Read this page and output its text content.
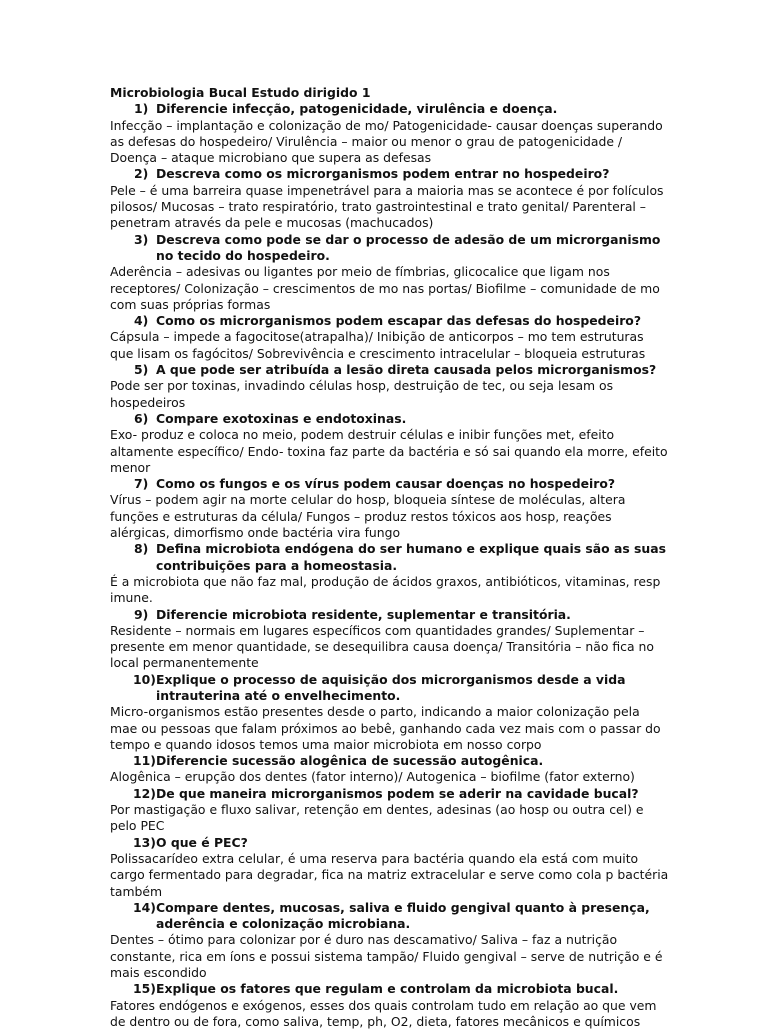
Microbiologia Bucal Estudo dirigido 1

1) Diferencie infecção, patogenicidade, virulência e doença.

Infecção – implantação e colonização de mo/ Patogenicidade- causar doenças superando as defesas do hospedeiro/ Virulência – maior ou menor o grau de patogenicidade / Doença – ataque microbiano que supera as defesas

2) Descreva como os microrganismos podem entrar no hospedeiro?

Pele – é uma barreira quase impenetrável para a maioria mas se acontece é por folículos pilosos/ Mucosas – trato respiratório, trato gastrointestinal e trato genital/ Parenteral – penetram através da pele e mucosas (machucados)

3) Descreva como pode se dar o processo de adesão de um microrganismo no tecido do hospedeiro.

Aderência – adesivas ou ligantes por meio de fímbrias, glicocalice que ligam nos receptores/ Colonização – crescimentos de mo nas portas/ Biofilme – comunidade de mo com suas próprias formas

4) Como os microrganismos podem escapar das defesas do hospedeiro?

Cápsula – impede a fagocitose(atrapalha)/ Inibição de anticorpos – mo tem estruturas que lisam os fagócitos/ Sobrevivência e crescimento intracelular – bloqueia estruturas

5) A que pode ser atribuída a lesão direta causada pelos microrganismos?

Pode ser por toxinas, invadindo células hosp, destruição de tec, ou seja lesam os hospedeiros

6) Compare exotoxinas e endotoxinas.

Exo- produz e coloca no meio, podem destruir células e inibir funções met, efeito altamente específico/ Endo- toxina faz parte da bactéria e só sai quando ela morre, efeito menor

7) Como os fungos e os vírus podem causar doenças no hospedeiro?

Vírus – podem agir na morte celular do hosp, bloqueia síntese de moléculas, altera funções e estruturas da célula/ Fungos – produz restos tóxicos aos hosp, reações alérgicas, dimorfismo onde bactéria vira fungo

8) Defina microbiota endógena do ser humano e explique quais são as suas contribuições para a homeostasia.

É a microbiota que não faz mal, produção de ácidos graxos, antibióticos, vitaminas, resp imune.

9) Diferencie microbiota residente, suplementar e transitória.

Residente – normais em lugares específicos com quantidades grandes/ Suplementar – presente em menor quantidade, se desequilibra causa doença/ Transitória – não fica no local permanentemente

10) Explique o processo de aquisição dos microrganismos desde a vida intrauterina até o envelhecimento.

Micro-organismos estão presentes desde o parto, indicando a maior colonização pela mae ou pessoas que falam próximos ao bebê, ganhando cada vez mais com o passar do tempo e quando idosos temos uma maior microbiota em nosso corpo

11) Diferencie sucessão alogênica de sucessão autogênica.

Alogênica – erupção dos dentes (fator interno)/ Autogenica – biofilme (fator externo)

12) De que maneira microrganismos podem se aderir na cavidade bucal?

Por mastigação e fluxo salivar, retenção em dentes, adesinas (ao hosp ou outra cel) e pelo PEC

13) O que é PEC?

Polissacarídeo extra celular, é uma reserva para bactéria quando ela está com muito cargo fermentado para degradar, fica na matriz extracelular e serve como cola p bactéria também

14) Compare dentes, mucosas, saliva e fluido gengival quanto à presença, aderência e colonização microbiana.

Dentes – ótimo para colonizar por é duro nas descamativo/ Saliva – faz a nutrição constante, rica em íons e possui sistema tampão/ Fluido gengival – serve de nutrição e é mais escondido

15) Explique os fatores que regulam e controlam da microbiota bucal.

Fatores endógenos e exógenos, esses dos quais controlam tudo em relação ao que vem de dentro ou de fora, como saliva, temp, ph, O2, dieta, fatores mecânicos e químicos
